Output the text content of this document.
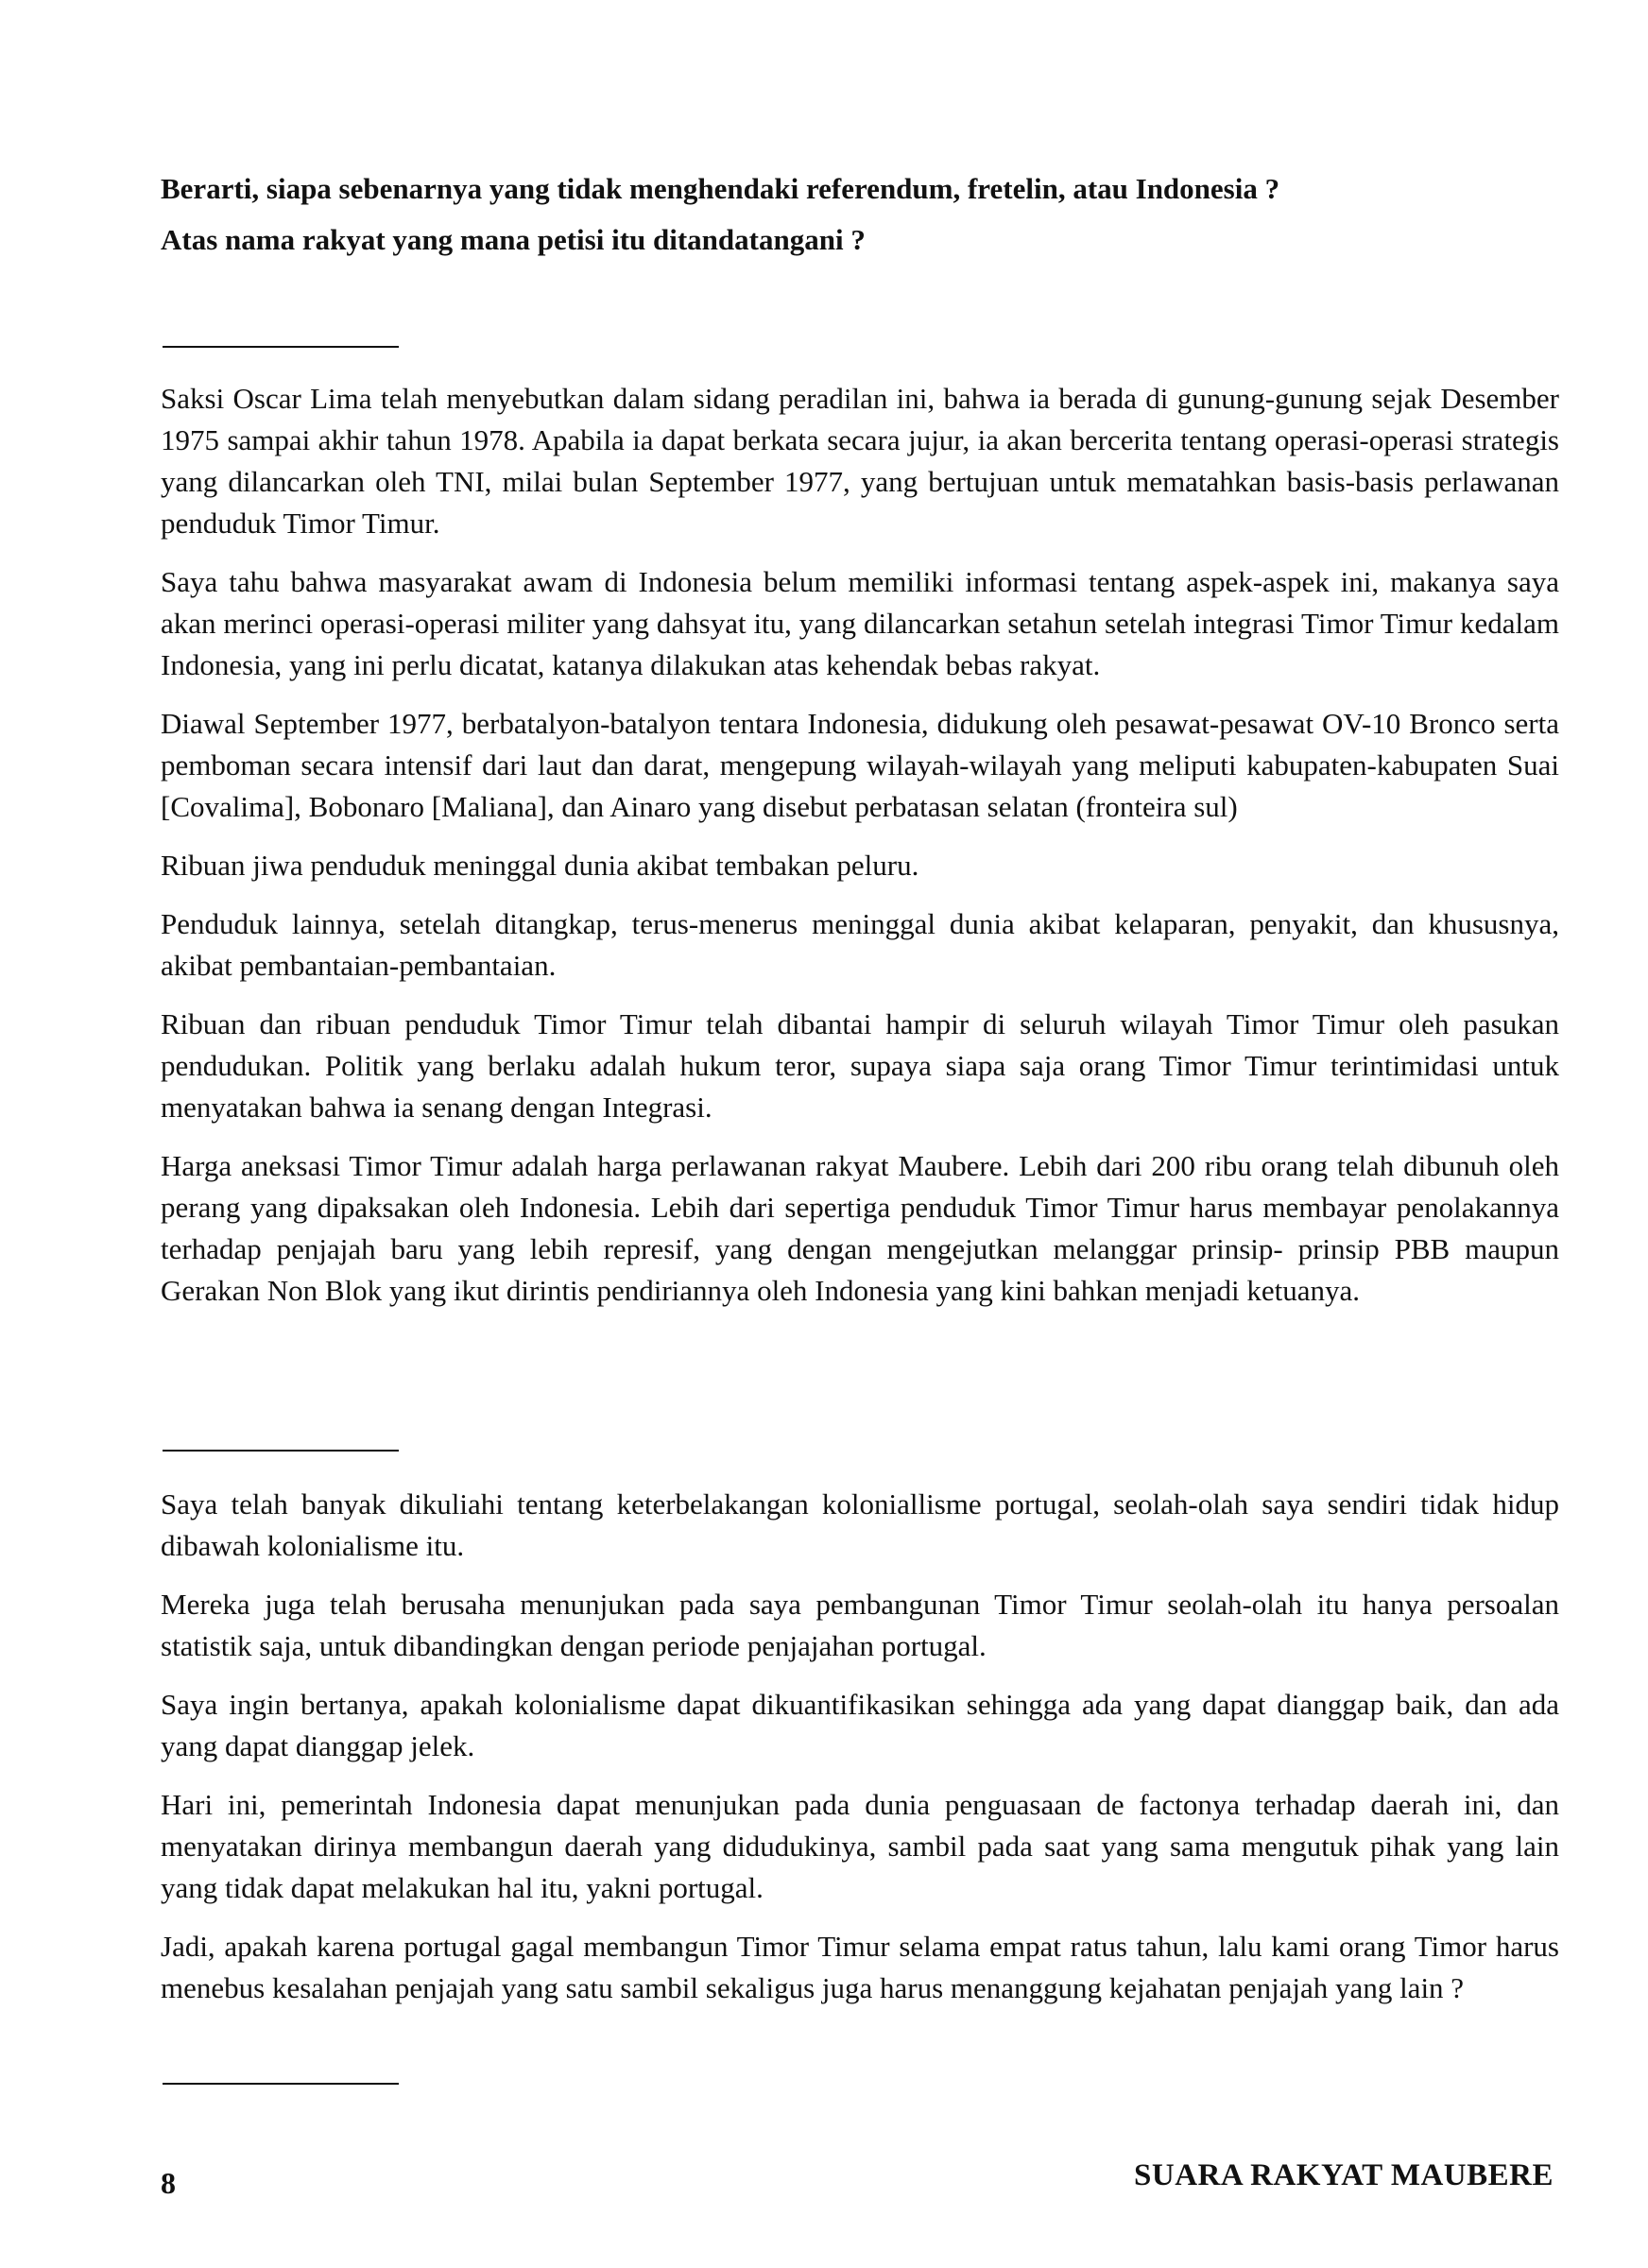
Berarti, siapa sebenarnya yang tidak menghendaki referendum, fretelin, atau Indonesia ?

Atas nama rakyat yang mana petisi itu ditandatangani ?

Saksi Oscar Lima telah menyebutkan dalam sidang peradilan ini, bahwa ia berada di gunung-gunung sejak Desember 1975 sampai akhir tahun 1978. Apabila ia dapat berkata secara jujur, ia akan bercerita tentang operasi-operasi strategis yang dilancarkan oleh TNI, milai bulan September 1977, yang bertujuan untuk mematahkan basis-basis perlawanan penduduk Timor Timur.

Saya tahu bahwa masyarakat awam di Indonesia belum memiliki informasi tentang aspek-aspek ini, makanya saya akan merinci operasi-operasi militer yang dahsyat itu, yang dilancarkan setahun setelah integrasi Timor Timur kedalam Indonesia, yang ini perlu dicatat, katanya dilakukan atas kehendak bebas rakyat.

Diawal September 1977, berbatalyon-batalyon tentara Indonesia, didukung oleh pesawat-pesawat OV-10 Bronco serta pemboman secara intensif dari laut dan darat, mengepung wilayah-wilayah yang meliputi kabupaten-kabupaten Suai [Covalima], Bobonaro [Maliana], dan Ainaro yang disebut perbatasan selatan (fronteira sul)

Ribuan jiwa penduduk meninggal dunia akibat tembakan peluru.

Penduduk lainnya, setelah ditangkap, terus-menerus meninggal dunia akibat kelaparan, penyakit, dan khususnya, akibat pembantaian-pembantaian.

Ribuan dan ribuan penduduk Timor Timur telah dibantai hampir di seluruh wilayah Timor Timur oleh pasukan pendudukan. Politik yang berlaku adalah hukum teror, supaya siapa saja orang Timor Timur terintimidasi untuk menyatakan bahwa ia senang dengan Integrasi.

Harga aneksasi Timor Timur adalah harga perlawanan rakyat Maubere. Lebih dari 200 ribu orang telah dibunuh oleh perang yang dipaksakan oleh Indonesia. Lebih dari sepertiga penduduk Timor Timur harus membayar penolakannya terhadap penjajah baru yang lebih represif, yang dengan mengejutkan melanggar prinsip- prinsip PBB maupun Gerakan Non Blok yang ikut dirintis pendiriannya oleh Indonesia yang kini bahkan menjadi ketuanya.

Saya telah banyak dikuliahi tentang keterbelakangan koloniallisme portugal, seolah-olah saya sendiri tidak hidup dibawah kolonialisme itu.

Mereka juga telah berusaha menunjukan pada saya pembangunan Timor Timur seolah-olah itu hanya persoalan statistik saja, untuk dibandingkan dengan periode penjajahan portugal.

Saya ingin bertanya, apakah kolonialisme dapat dikuantifikasikan sehingga ada yang dapat dianggap baik, dan ada yang dapat dianggap jelek.

Hari ini, pemerintah Indonesia dapat menunjukan pada dunia penguasaan de factonya terhadap daerah ini, dan menyatakan dirinya membangun daerah yang didudukinya, sambil pada saat yang sama mengutuk pihak yang lain yang tidak dapat melakukan hal itu, yakni portugal.

Jadi, apakah karena portugal gagal membangun Timor Timur selama empat ratus tahun, lalu kami orang Timor harus menebus kesalahan penjajah yang satu sambil sekaligus juga harus menanggung kejahatan penjajah yang lain ?

8	SUARA RAKYAT MAUBERE
